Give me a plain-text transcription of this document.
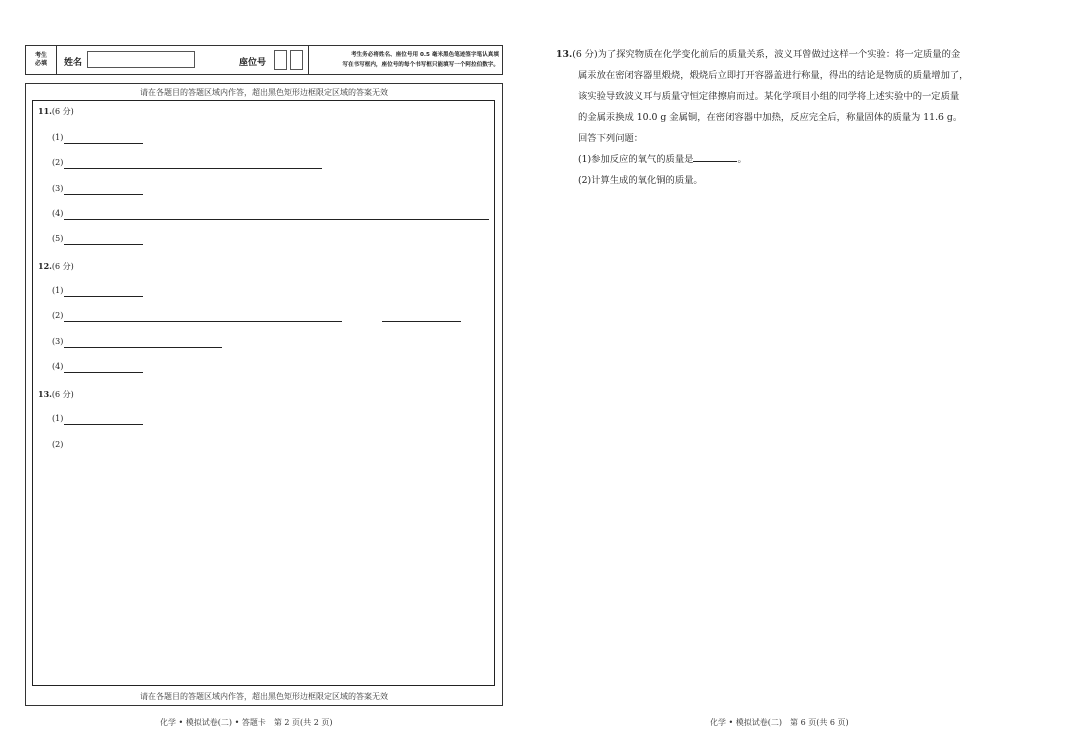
考生
必填 姓名	座位号
考生务必将姓名、座位号用 0.5 毫米黑色笔迹签字笔认真填
写在书写框内，座位号的每个书写框只能填写一个阿拉伯数字。
请在各题目的答题区域内作答，超出黑色矩形边框限定区域的答案无效
请在各题目的答题区域内作答，超出黑色矩形边框限定区域的答案无效
11.(6 分)
(1)
(2)
(3)
(4)
(5)
12.(6 分)
(1)
(2)
(3)
(4)
13.(6 分)
(1)
(2)
化学 • 模拟试卷(二) • 答题卡　第 2 页(共 2 页)

13.(6 分)为了探究物质在化学变化前后的质量关系，波义耳曾做过这样一个实验：将一定质量的金

属汞放在密闭容器里煅烧，煅烧后立即打开容器盖进行称量，得出的结论是物质的质量增加了，

该实验导致波义耳与质量守恒定律擦肩而过。某化学项目小组的同学将上述实验中的一定质量

的金属汞换成 10.0 g 金属铜，在密闭容器中加热，反应完全后，称量固体的质量为 11.6 g。

回答下列问题：

(1)参加反应的氧气的质量是	。

(2)计算生成的氧化铜的质量。

化学 • 模拟试卷(二)　第 6 页(共 6 页)
